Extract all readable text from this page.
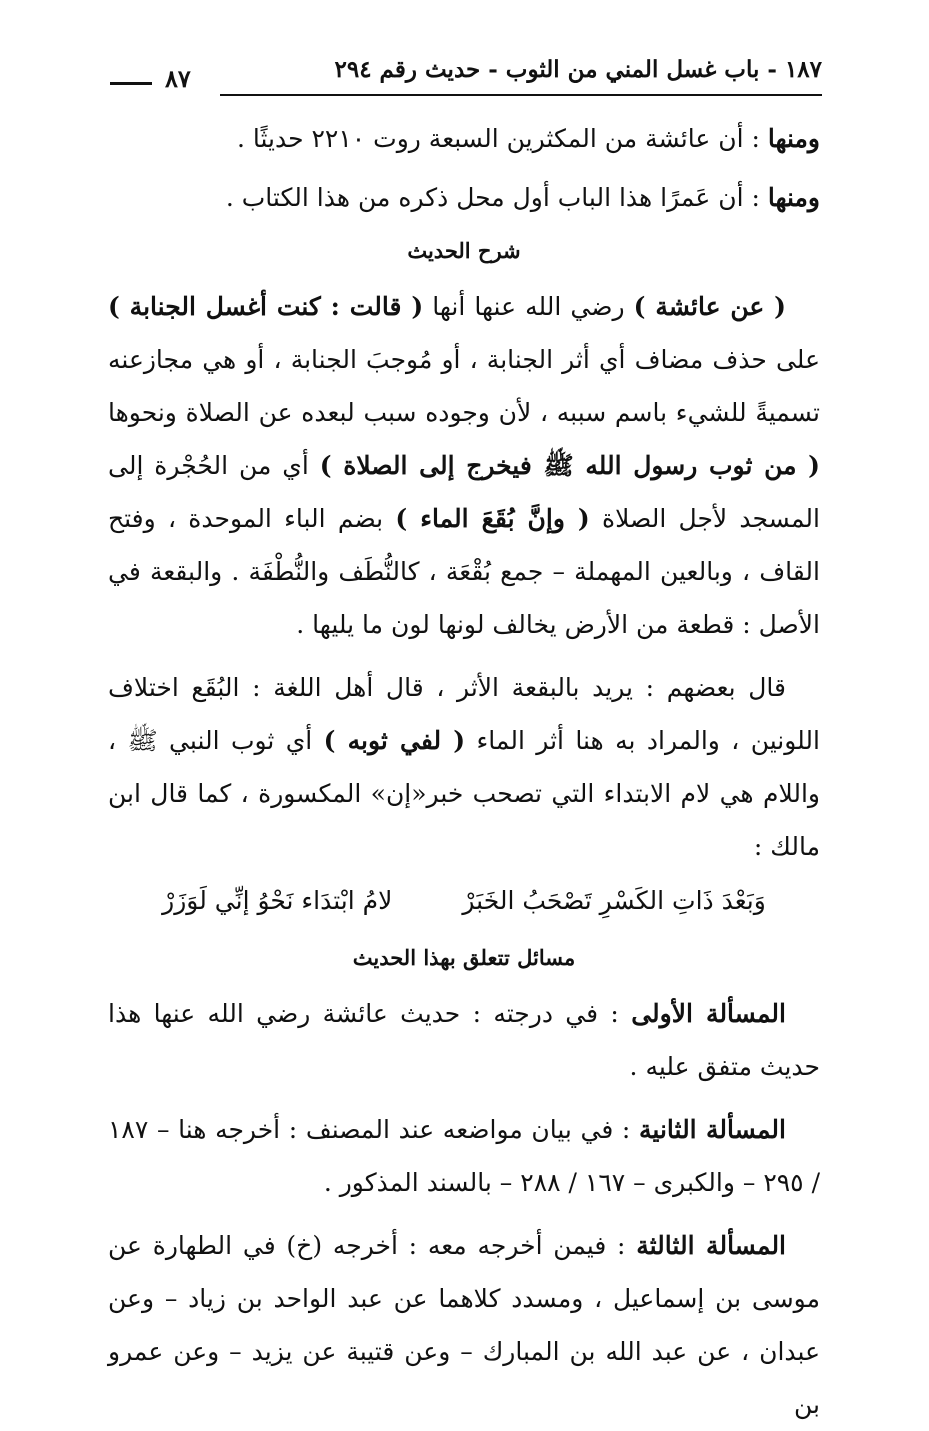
١٨٧ - باب غسل المني من الثوب - حديث رقم ٢٩٤
٨٧

ومنها : أن عائشة من المكثرين السبعة روت ٢٢١٠ حديثًا .

ومنها : أن عَمرًا هذا الباب أول محل ذكره من هذا الكتاب .

شرح الحديث

( عن عائشة ) رضي الله عنها أنها ( قالت : كنت أغسل الجنابة ) على حذف مضاف أي أثر الجنابة ، أو مُوجبَ الجنابة ، أو هي مجازعنه تسميةً للشيء باسم سببه ، لأن وجوده سبب لبعده عن الصلاة ونحوها ( من ثوب رسول الله ﷺ فيخرج إلى الصلاة ) أي من الحُجْرة إلى المسجد لأجل الصلاة ( وإنَّ بُقَعَ الماء ) بضم الباء الموحدة ، وفتح القاف ، وبالعين المهملة – جمع بُقْعَة ، كالنُّطَف والنُّطْفَة . والبقعة في الأصل : قطعة من الأرض يخالف لونها لون ما يليها .

قال بعضهم : يريد بالبقعة الأثر ، قال أهل اللغة : البُقَع اختلاف اللونين ، والمراد به هنا أثر الماء ( لفي ثوبه ) أي ثوب النبي ﷺ ، واللام هي لام الابتداء التي تصحب خبر«إن» المكسورة ، كما قال ابن مالك :

وَبَعْدَ ذَاتِ الكَسْرِ تَصْحَبُ الخَبَرْ
لامُ ابْتدَاء نَحْوُ إنِّي لَوَزَرْ
مسائل تتعلق بهذا الحديث

المسألة الأولى : في درجته : حديث عائشة رضي الله عنها هذا حديث متفق عليه .

المسألة الثانية : في بيان مواضعه عند المصنف : أخرجه هنا – ١٨٧ / ٢٩٥ – والكبرى – ١٦٧ / ٢٨٨ – بالسند المذكور .

المسألة الثالثة : فيمن أخرجه معه : أخرجه (خ) في الطهارة عن موسى بن إسماعيل ، ومسدد كلاهما عن عبد الواحد بن زياد – وعن عبدان ، عن عبد الله بن المبارك – وعن قتيبة عن يزيد – وعن عمرو بن
